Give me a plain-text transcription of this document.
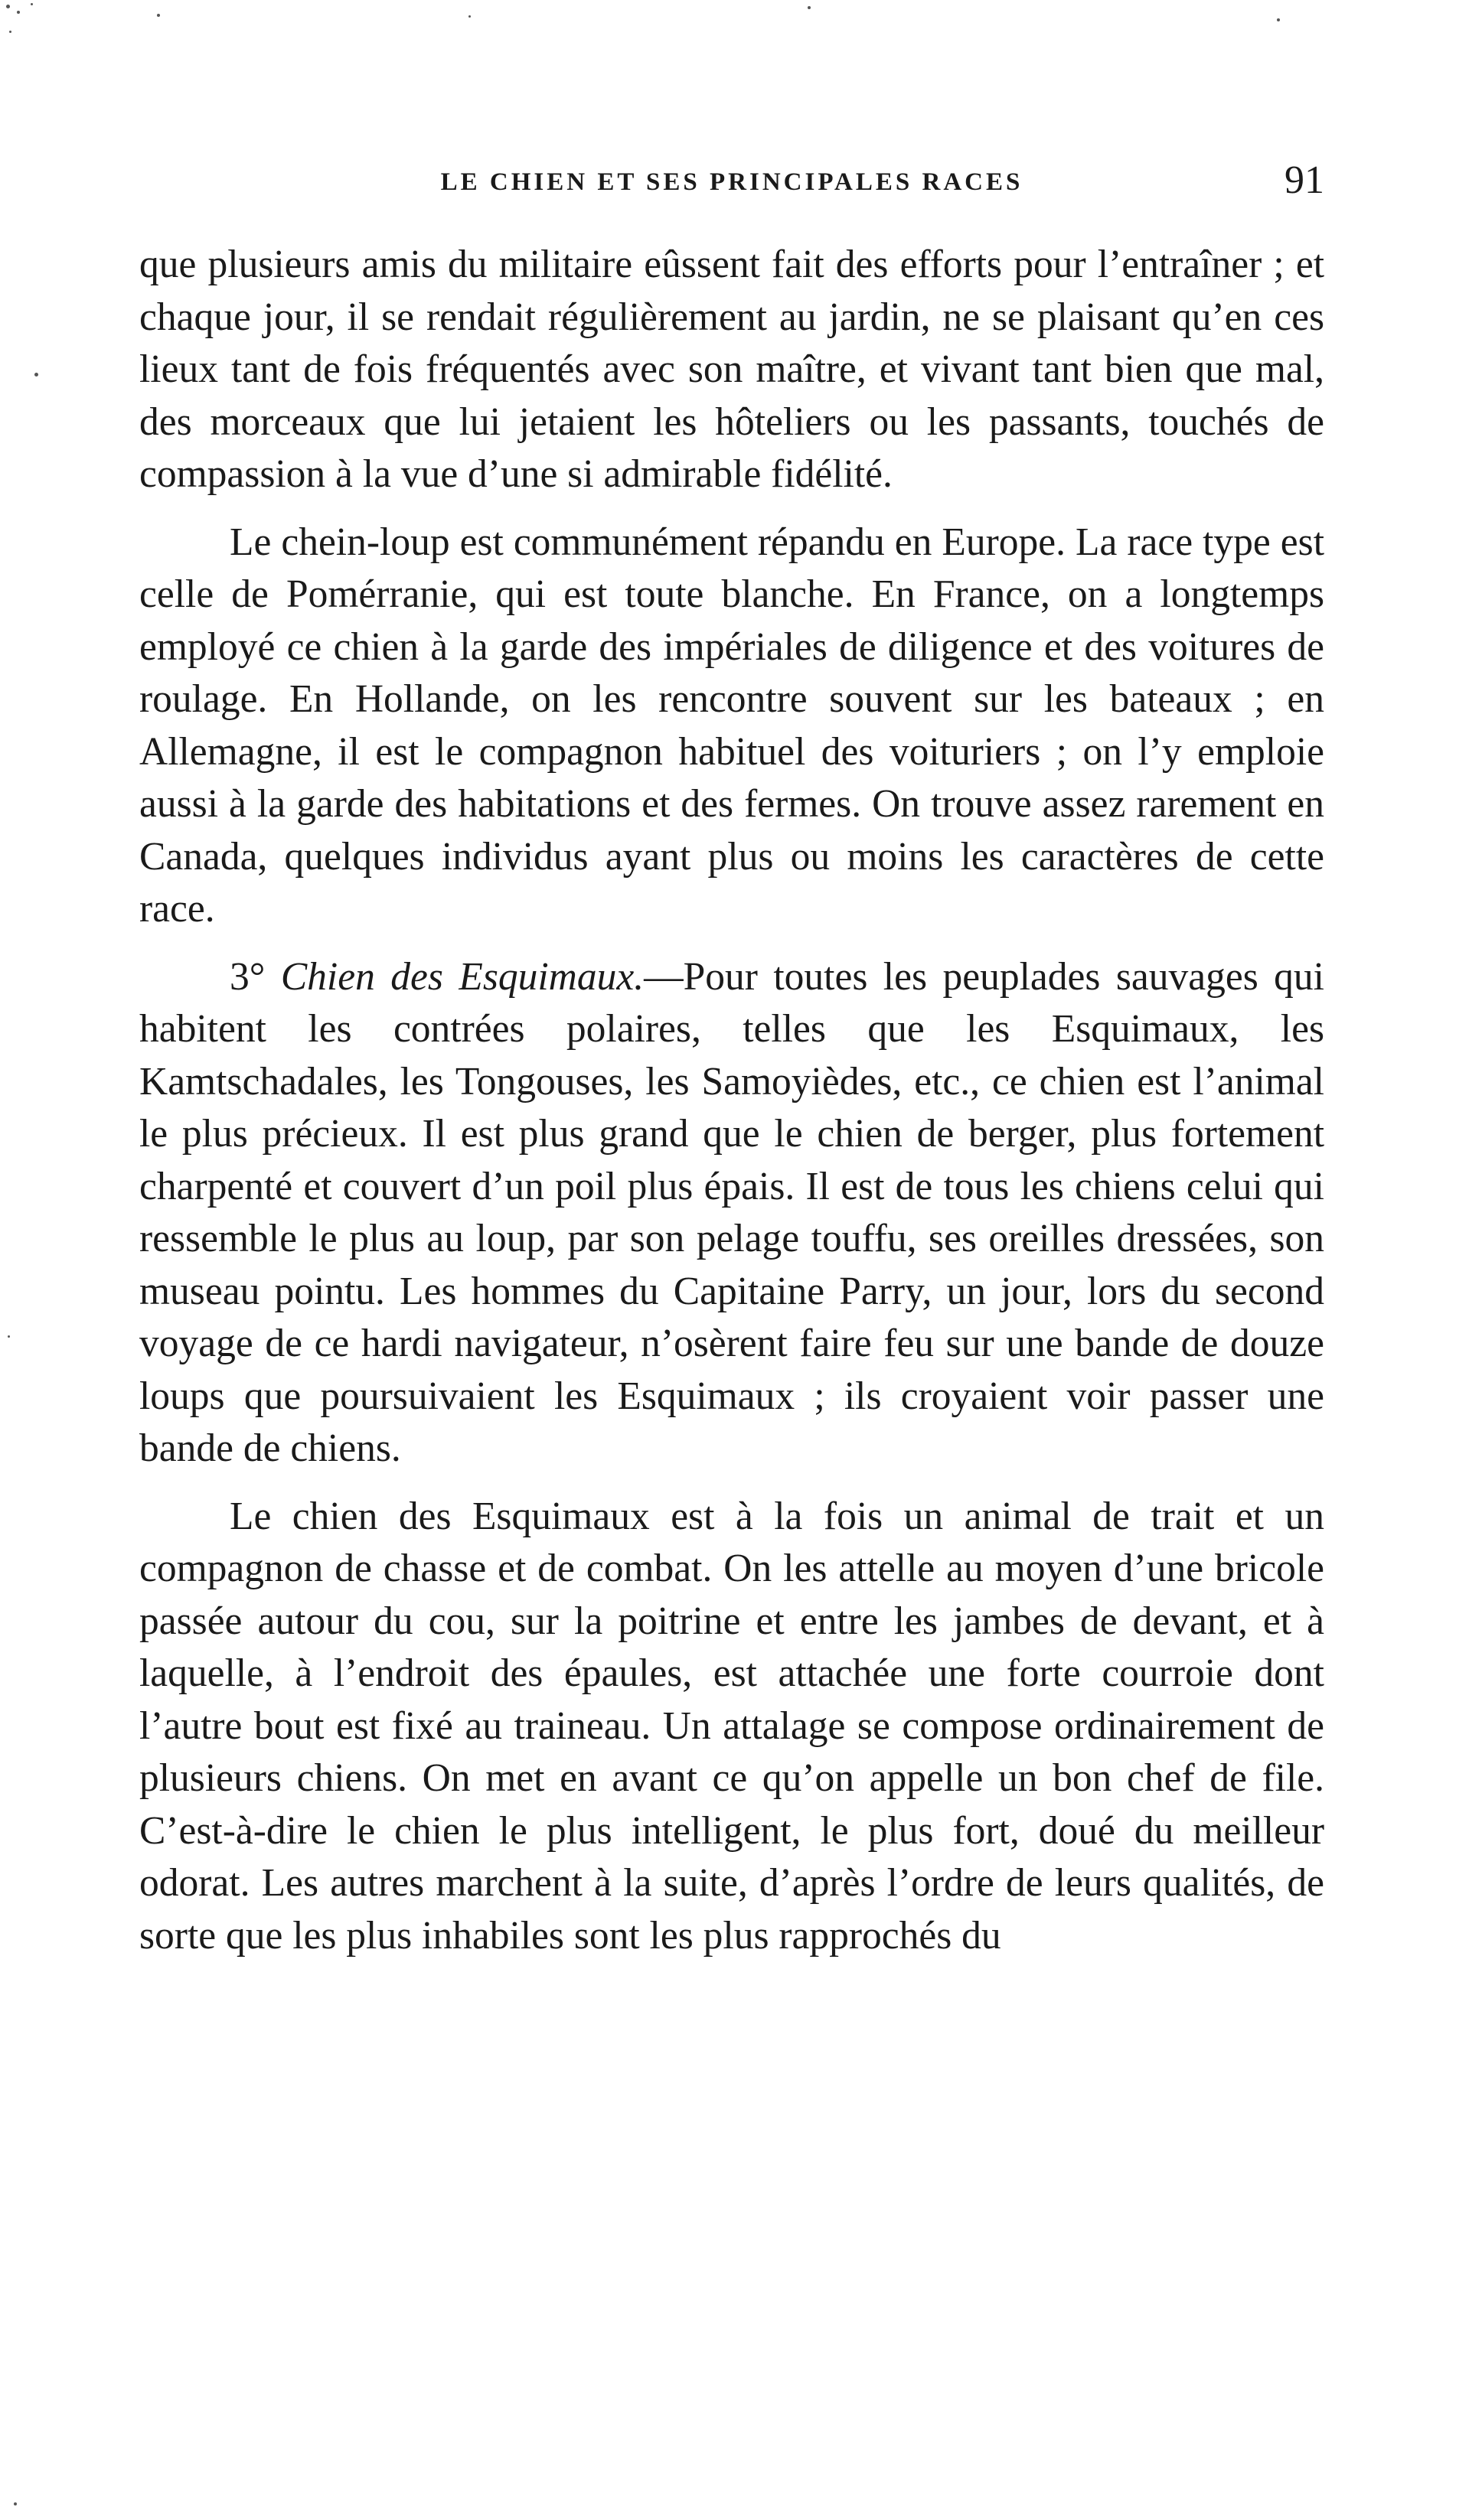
LE CHIEN ET SES PRINCIPALES RACES	91

que plusieurs amis du militaire eûssent fait des efforts pour l’entraîner ; et chaque jour, il se rendait régulièrement au jardin, ne se plaisant qu’en ces lieux tant de fois fréquentés avec son maître, et vivant tant bien que mal, des morceaux que lui jetaient les hôteliers ou les passants, touchés de compassion à la vue d’une si admirable fidélité.

Le chein-loup est communément répandu en Europe. La race type est celle de Pomérranie, qui est toute blanche. En France, on a longtemps employé ce chien à la garde des impériales de diligence et des voitures de roulage. En Hollande, on les rencontre souvent sur les bateaux ; en Allemagne, il est le compagnon habituel des voituriers ; on l’y emploie aussi à la garde des habitations et des fermes. On trouve assez rarement en Canada, quelques individus ayant plus ou moins les caractères de cette race.

3° Chien des Esquimaux.—Pour toutes les peuplades sauvages qui habitent les contrées polaires, telles que les Esquimaux, les Kamtschadales, les Tongouses, les Samoyièdes, etc., ce chien est l’animal le plus précieux. Il est plus grand que le chien de berger, plus fortement charpenté et couvert d’un poil plus épais. Il est de tous les chiens celui qui ressemble le plus au loup, par son pelage touffu, ses oreilles dressées, son museau pointu. Les hommes du Capitaine Parry, un jour, lors du second voyage de ce hardi navigateur, n’osèrent faire feu sur une bande de douze loups que poursuivaient les Esquimaux ; ils croyaient voir passer une bande de chiens.

Le chien des Esquimaux est à la fois un animal de trait et un compagnon de chasse et de combat. On les attelle au moyen d’une bricole passée autour du cou, sur la poitrine et entre les jambes de devant, et à laquelle, à l’endroit des épaules, est attachée une forte courroie dont l’autre bout est fixé au traineau. Un attalage se compose ordinairement de plusieurs chiens. On met en avant ce qu’on appelle un bon chef de file. C’est-à-dire le chien le plus intelligent, le plus fort, doué du meilleur odorat. Les autres marchent à la suite, d’après l’ordre de leurs qualités, de sorte que les plus inhabiles sont les plus rapprochés du
